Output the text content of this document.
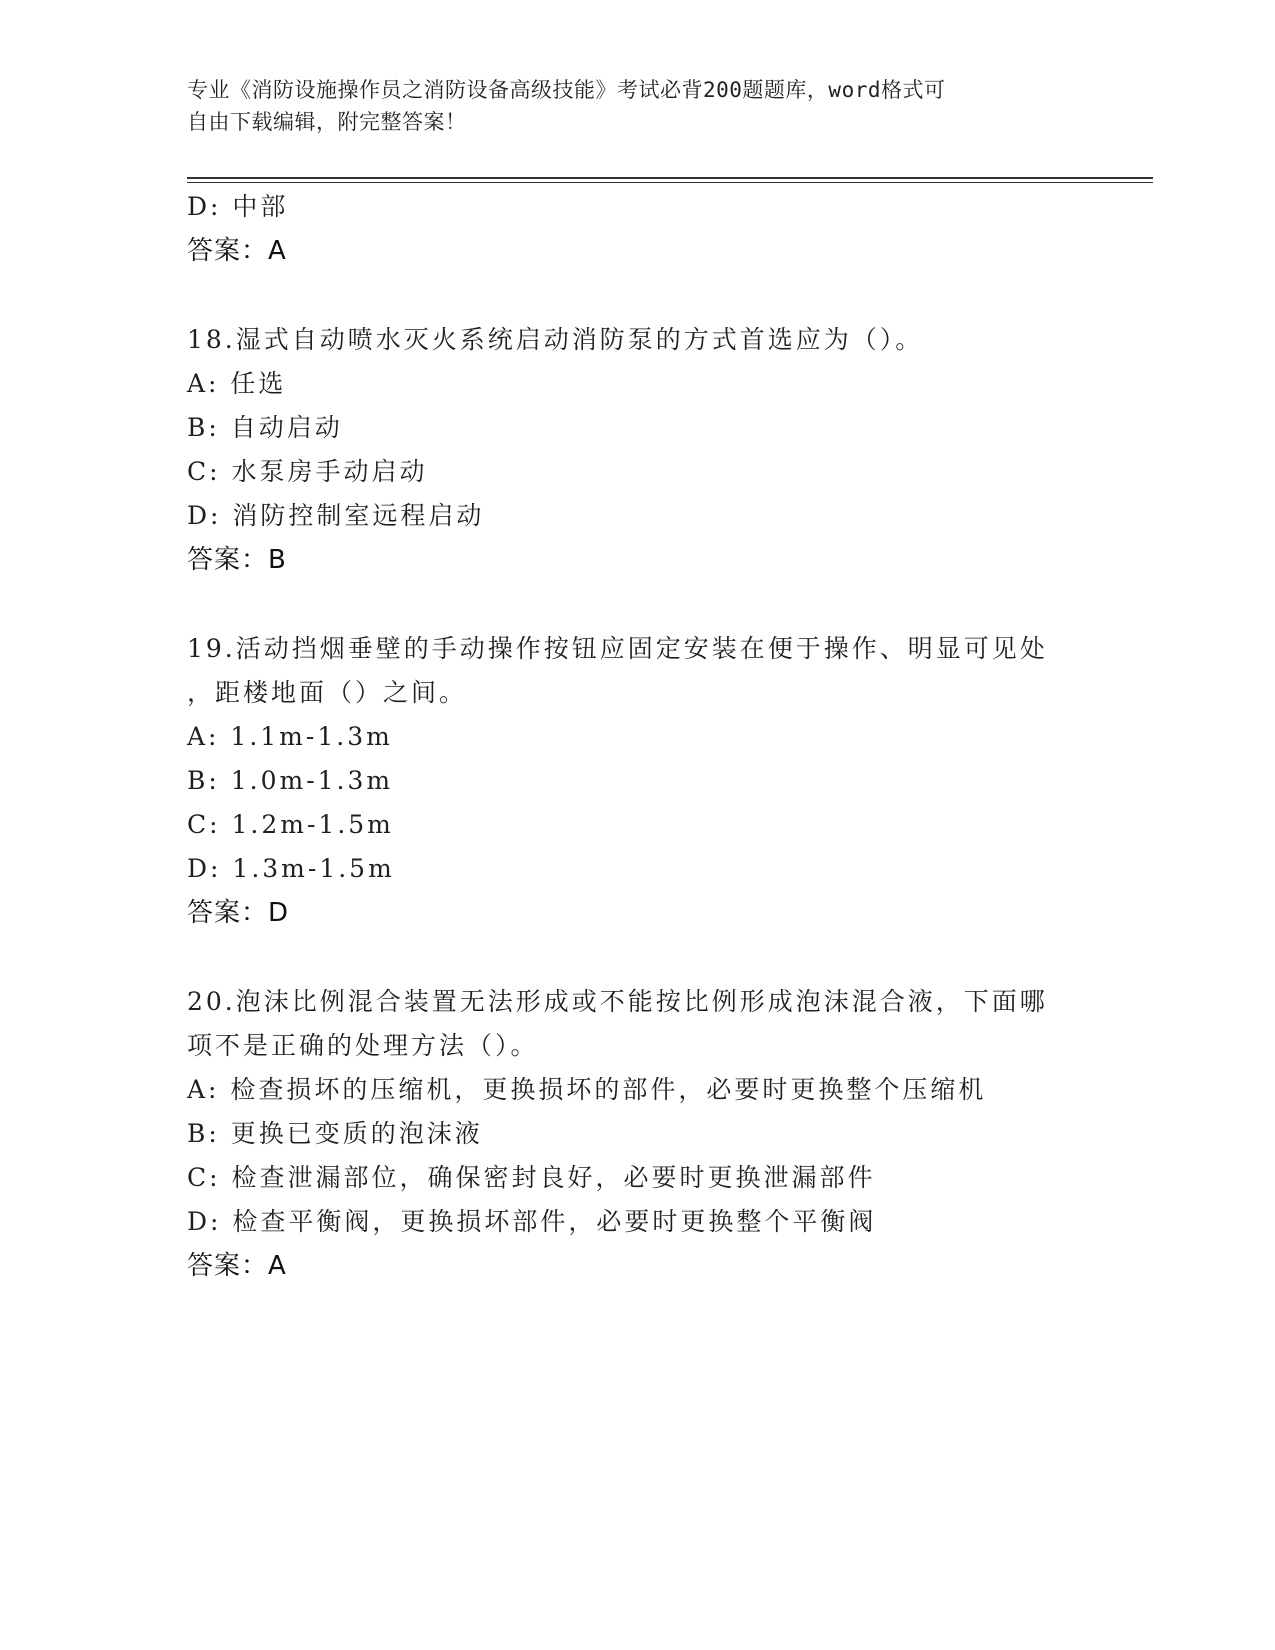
专业《消防设施操作员之消防设备高级技能》考试必背200题题库，word格式可
自由下载编辑，附完整答案！
D: 中部
答案：A
18.湿式自动喷水灭火系统启动消防泵的方式首选应为（）。
A: 任选
B: 自动启动
C: 水泵房手动启动
D: 消防控制室远程启动
答案：B
19.活动挡烟垂壁的手动操作按钮应固定安装在便于操作、明显可见处
，距楼地面（）之间。
A: 1.1m-1.3m
B: 1.0m-1.3m
C: 1.2m-1.5m
D: 1.3m-1.5m
答案：D
20.泡沫比例混合装置无法形成或不能按比例形成泡沫混合液，下面哪
项不是正确的处理方法（）。
A: 检查损坏的压缩机，更换损坏的部件，必要时更换整个压缩机
B: 更换已变质的泡沫液
C: 检查泄漏部位，确保密封良好，必要时更换泄漏部件
D: 检查平衡阀，更换损坏部件，必要时更换整个平衡阀
答案：A
